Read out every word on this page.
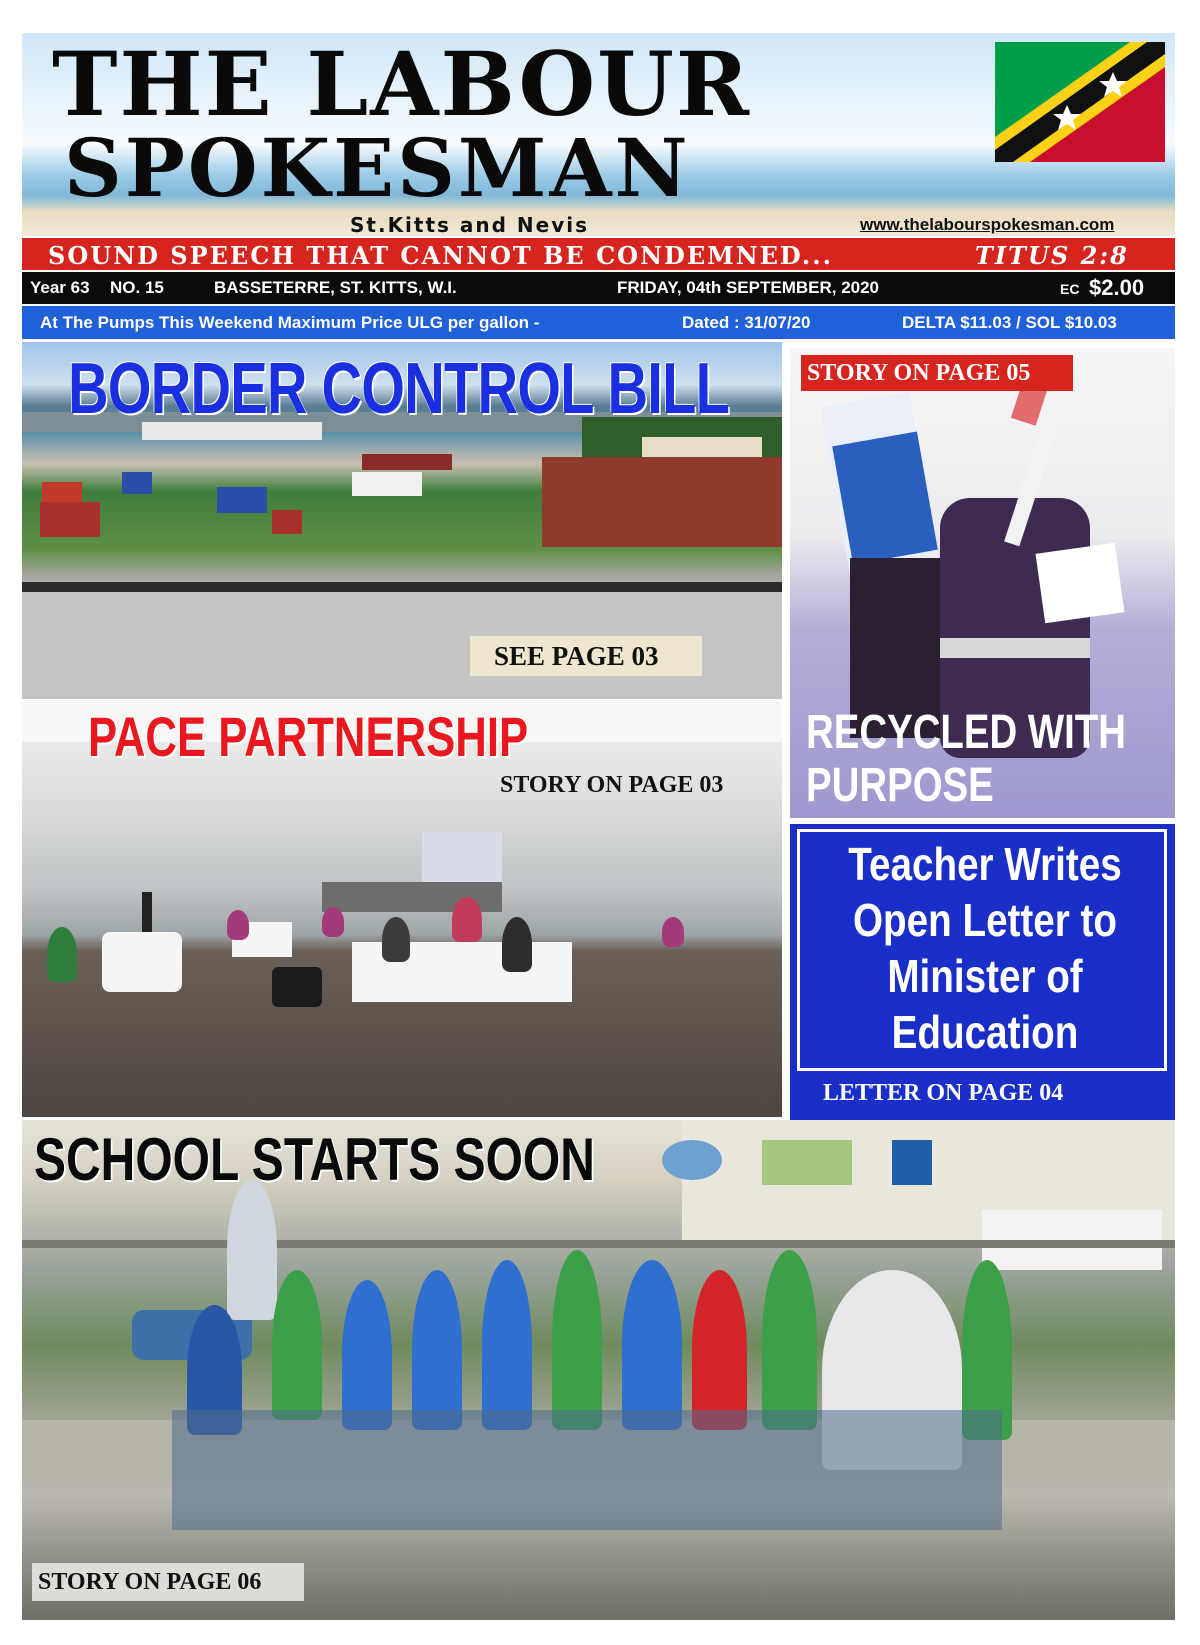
THE LABOUR
SPOKESMAN
St.Kitts and Nevis	www.thelabourspokesman.com
SOUND SPEECH THAT CANNOT BE CONDEMNED...	TITUS 2:8
Year 63 NO. 15	BASSETERRE, ST. KITTS, W.I.	FRIDAY, 04th SEPTEMBER, 2020	EC $2.00
At The Pumps This Weekend Maximum Price ULG per gallon -	Dated : 31/07/20	DELTA $11.03 / SOL $10.03
BORDER CONTROL BILL
SEE PAGE 03
STORY ON PAGE 05
RECYCLED WITH
PURPOSE
PACE PARTNERSHIP
STORY ON PAGE 03
Teacher Writes
Open Letter to
Minister of
Education
LETTER ON PAGE 04
SCHOOL STARTS SOON
STORY ON PAGE 06
